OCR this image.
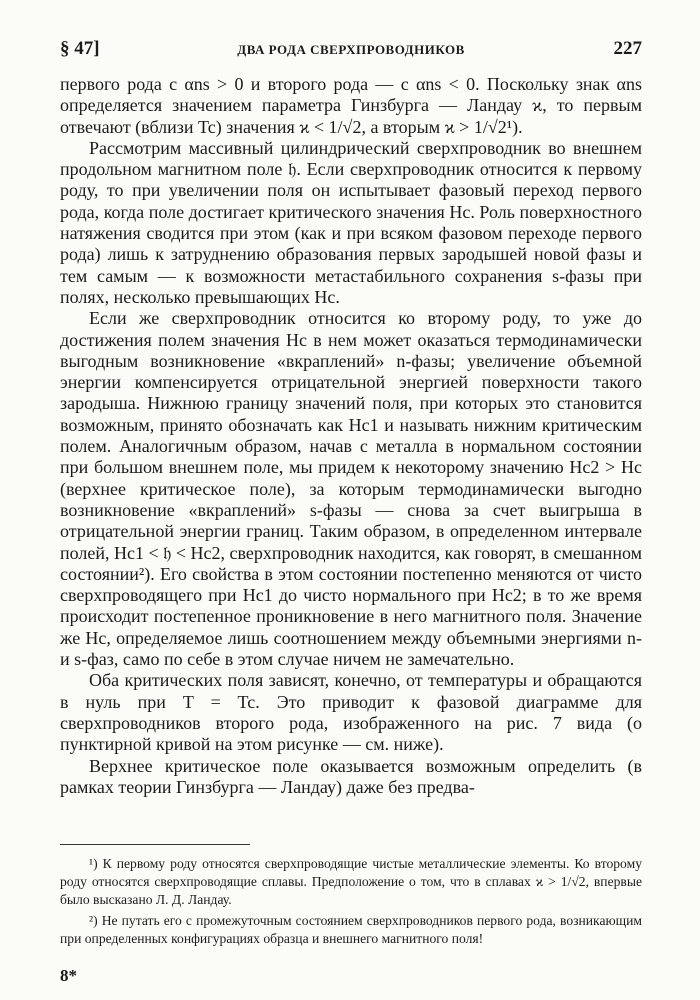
§ 47]	ДВА РОДА СВЕРХПРОВОДНИКОВ	227

первого рода с αns > 0 и второго рода — с αns < 0. Поскольку знак αns определяется значением параметра Гинзбурга — Ландау ϰ, то первым отвечают (вблизи Tc) значения ϰ < 1/√2, а вторым ϰ > 1/√2¹).

Рассмотрим массивный цилиндрический сверхпроводник во внешнем продольном магнитном поле 𝔥. Если сверхпроводник относится к первому роду, то при увеличении поля он испытывает фазовый переход первого рода, когда поле достигает критического значения Hc. Роль поверхностного натяжения сводится при этом (как и при всяком фазовом переходе первого рода) лишь к затруднению образования первых зародышей новой фазы и тем самым — к возможности метастабильного сохранения s-фазы при полях, несколько превышающих Hc.

Если же сверхпроводник относится ко второму роду, то уже до достижения полем значения Hc в нем может оказаться термодинамически выгодным возникновение «вкраплений» n-фазы; увеличение объемной энергии компенсируется отрицательной энергией поверхности такого зародыша. Нижнюю границу значений поля, при которых это становится возможным, принято обозначать как Hc1 и называть нижним критическим полем. Аналогичным образом, начав с металла в нормальном состоянии при большом внешнем поле, мы придем к некоторому значению Hc2 > Hc (верхнее критическое поле), за которым термодинамически выгодно возникновение «вкраплений» s-фазы — снова за счет выигрыша в отрицательной энергии границ. Таким образом, в определенном интервале полей, Hc1 < 𝔥 < Hc2, сверхпроводник находится, как говорят, в смешанном состоянии²). Его свойства в этом состоянии постепенно меняются от чисто сверхпроводящего при Hc1 до чисто нормального при Hc2; в то же время происходит постепенное проникновение в него магнитного поля. Значение же Hc, определяемое лишь соотношением между объемными энергиями n- и s-фаз, само по себе в этом случае ничем не замечательно.

Оба критических поля зависят, конечно, от температуры и обращаются в нуль при T = Tc. Это приводит к фазовой диаграмме для сверхпроводников второго рода, изображенного на рис. 7 вида (о пунктирной кривой на этом рисунке — см. ниже).

Верхнее критическое поле оказывается возможным определить (в рамках теории Гинзбурга — Ландау) даже без предва-

¹) К первому роду относятся сверхпроводящие чистые металлические элементы. Ко второму роду относятся сверхпроводящие сплавы. Предположение о том, что в сплавах ϰ > 1/√2, впервые было высказано Л. Д. Ландау.

²) Не путать его с промежуточным состоянием сверхпроводников первого рода, возникающим при определенных конфигурациях образца и внешнего магнитного поля!

8*
